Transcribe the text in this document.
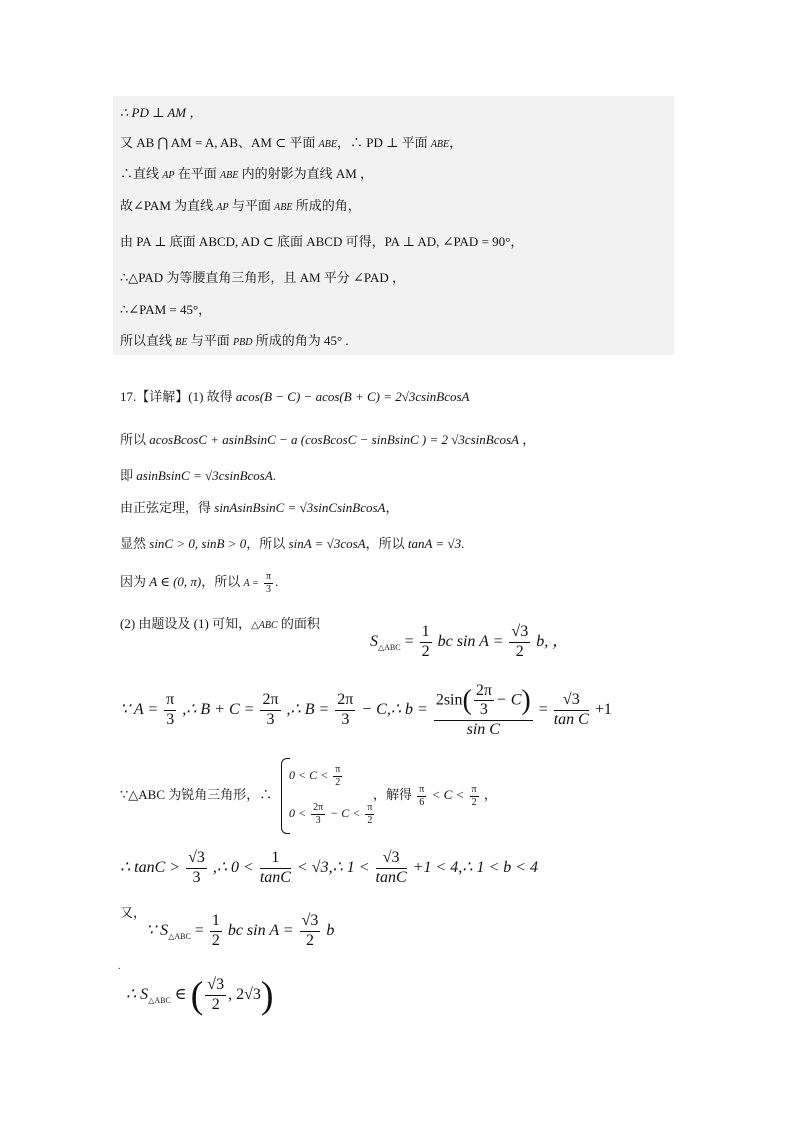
∴ PD ⊥ AM ，
又 AB ⋂ AM = A, AB、AM ⊂ 平面 ABE，∴ PD ⊥ 平面 ABE，
∴直线 AP 在平面 ABE 内的射影为直线 AM ，
故∠PAM 为直线 AP 与平面 ABE 所成的角，
由 PA ⊥ 底面 ABCD, AD ⊂ 底面 ABCD 可得，PA ⊥ AD, ∠PAD = 90°，
∴△PAD 为等腰直角三角形，且 AM 平分 ∠PAD ，
∴∠PAM = 45°，
所以直线 BE 与平面 PBD 所成的角为 45° .
17.【详解】(1) 故得 acos(B − C) − acos(B + C) = 2√3csinBcosA
所以 acosBcosC + asinBsinC − a (cosBcosC − sinBsinC ) = 2 √3csinBcosA ，
即 asinBsinC = √3csinBcosA.
由正弦定理，得 sinAsinBsinC = √3sinCsinBcosA，
显然 sinC > 0, sinB > 0，所以 sinA = √3cosA，所以 tanA = √3.
因为 A ∈ (0, π)，所以 $A = \frac{\pi}{3}$ .
(2) 由题设及 (1) 可知，△ABC 的面积
$S_{\triangle ABC} = \frac{1}{2}$ bc $\sin A = \frac{√3}{2} b$, ，
∵ $A = \frac{\pi}{3}$ ,∴ $B + C = \frac{2\pi}{3}$ ,∴ $B = \frac{2\pi}{3}$ − C,∴ $b = \frac{2\sin( \frac{2\pi}{3} - C)}{\text{sin C}} = \frac{√3}{\text{tan C}} +1$
∵△ABC 为锐角三角形，∴
$0 < C < \frac{\pi}{2}$
$0 < \frac{2\pi}{3} - C < \frac{\pi}{2}$
，解得 $\frac{\pi}{6} < C < \frac{\pi}{2}$ ，
∴ $\tan C > \frac{√3}{3}$ ,∴ $0 < \frac{1}{\tan C}$ < √3,∴ $1 < \frac{√3}{\tan C} +1$ < 4,∴ 1 < b < 4
又，
∵ $S_{\triangle ABC} = \frac{1}{2}$ bc $\sin A = \frac{√3}{2}$ b
.
∴ $S_{\triangle ABC}$ ∈ ( $\frac{√3}{2}$ , 2√3)
